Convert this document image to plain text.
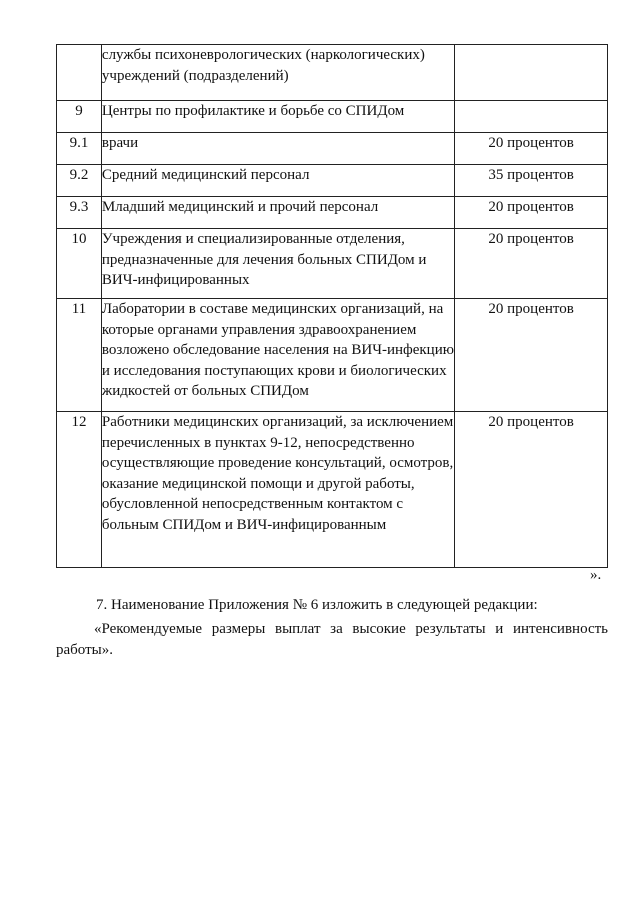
	службы психоневрологических (наркологических) учреждений (подразделений)	
9	Центры по профилактике и борьбе со СПИДом	
9.1	врачи	20 процентов
9.2	Средний медицинский персонал	35 процентов
9.3	Младший медицинский и прочий персонал	20 процентов
10	Учреждения и специализированные отделения, предназначенные для лечения больных СПИДом и ВИЧ-инфицированных	20 процентов
11	Лаборатории в составе медицинских организаций, на которые органами управления здравоохранением возложено обследование населения на ВИЧ-инфекцию и исследования поступающих крови и биологических жидкостей от больных СПИДом	20 процентов
12	Работники медицинских организаций, за исключением перечисленных в пунктах 9-12, непосредственно осуществляющие проведение консультаций, осмотров, оказание медицинской помощи и другой работы, обусловленной непосредственным контактом с больным СПИДом и ВИЧ-инфицированным	20 процентов
».
7. Наименование Приложения № 6 изложить в следующей редакции:
«Рекомендуемые размеры выплат за высокие результаты и интенсивность работы».
